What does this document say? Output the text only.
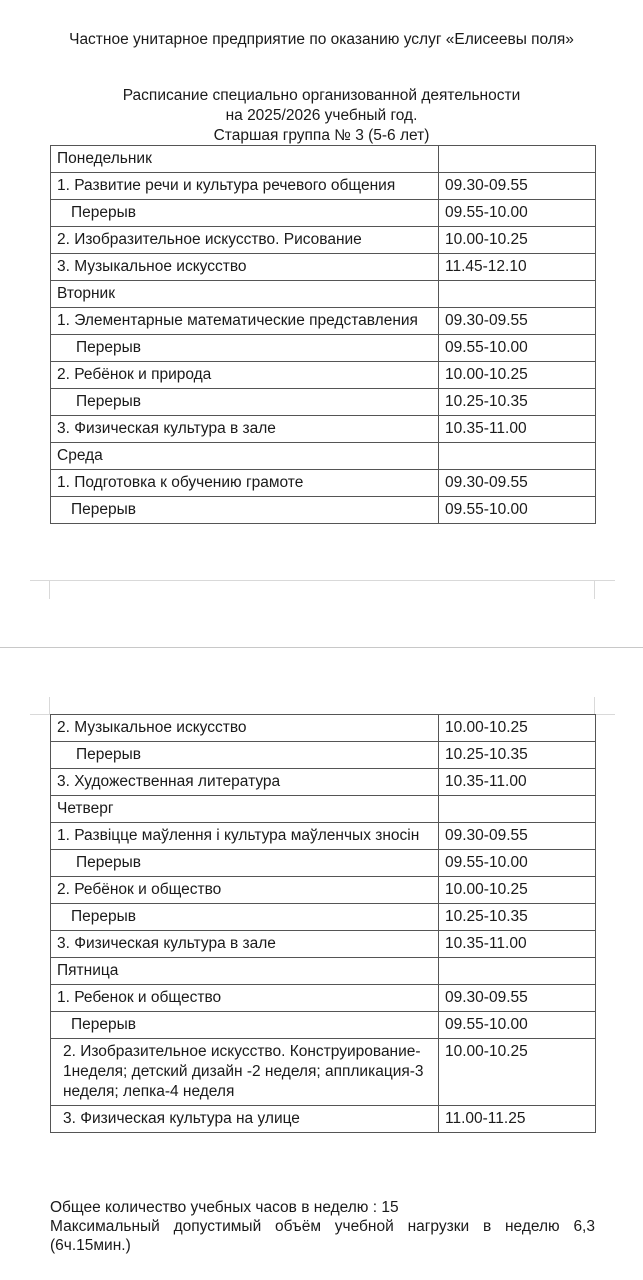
Частное унитарное предприятие по оказанию услуг «Елисеевы поля»
Расписание специально организованной деятельности
на 2025/2026 учебный год.
Старшая группа № 3 (5-6 лет)
Понедельник	
1. Развитие речи и культура речевого общения	09.30-09.55
Перерыв	09.55-10.00
2. Изобразительное искусство. Рисование	10.00-10.25
3. Музыкальное искусство	11.45-12.10
Вторник	
1. Элементарные математические представления	09.30-09.55
Перерыв	09.55-10.00
2. Ребёнок и природа	10.00-10.25
Перерыв	10.25-10.35
3. Физическая культура в зале	10.35-11.00
Среда	
1. Подготовка к обучению грамоте	09.30-09.55
Перерыв	09.55-10.00
2. Музыкальное искусство	10.00-10.25
Перерыв	10.25-10.35
3. Художественная литература	10.35-11.00
Четверг	
1. Развіцце маўлення і культура маўленчых зносін	09.30-09.55
Перерыв	09.55-10.00
2. Ребёнок и общество	10.00-10.25
Перерыв	10.25-10.35
3. Физическая культура в зале	10.35-11.00
Пятница	
1. Ребенок и общество	09.30-09.55
Перерыв	09.55-10.00
2. Изобразительное искусство. Конструирование- 1неделя; детский дизайн -2 неделя; аппликация-3 неделя; лепка-4 неделя	10.00-10.25
3. Физическая культура на улице	11.00-11.25
Общее количество учебных часов в неделю : 15
Максимальный допустимый объём учебной нагрузки в неделю 6,3 (6ч.15мин.)
